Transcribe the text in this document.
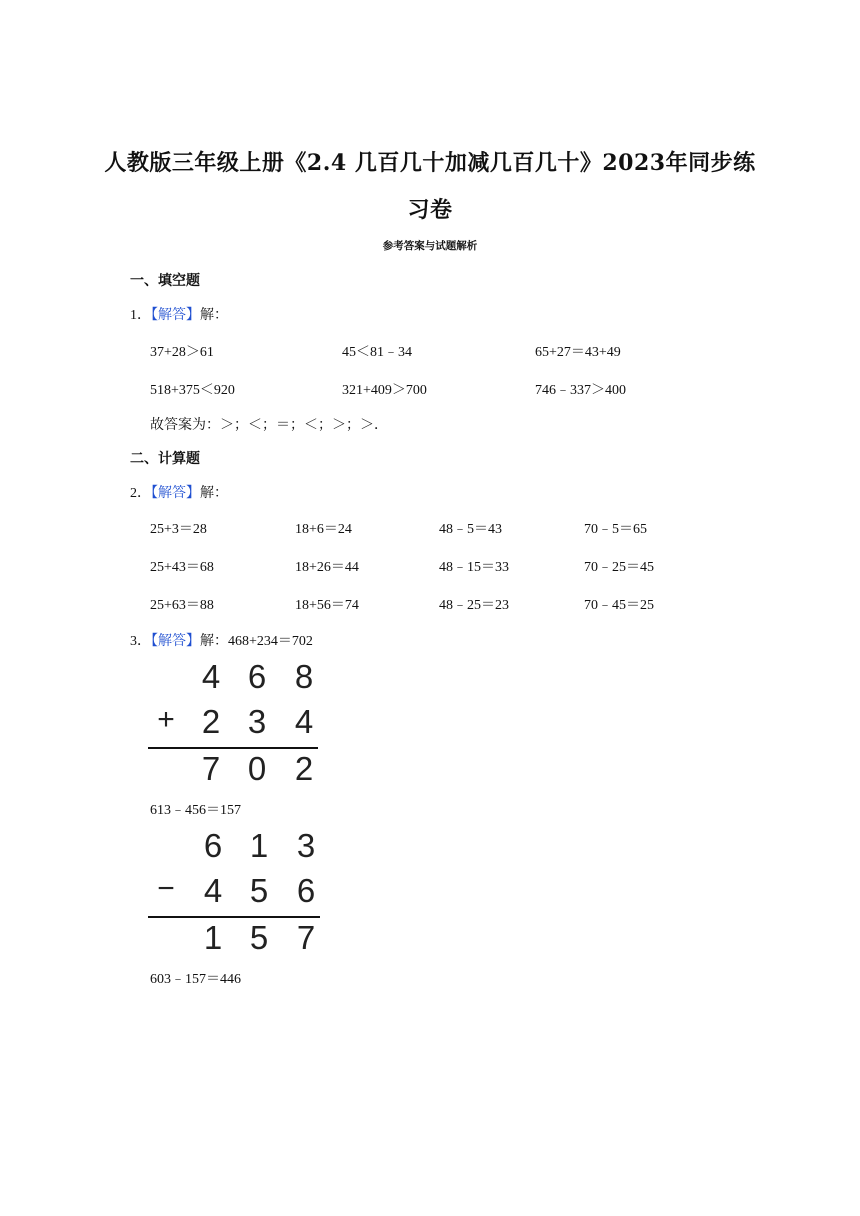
人教版三年级上册《2.4 几百几十加减几百几十》2023年同步练
习卷
参考答案与试题解析
一、填空题
1．【解答】解：
37+28＞61	45＜81﹣34	65+27＝43+49
518+375＜920	321+409＞700	746﹣337＞400
故答案为：＞；＜；＝；＜；＞；＞．
二、计算题
2．【解答】解：
25+3＝28	18+6＝24	48﹣5＝43	70﹣5＝65
25+43＝68	18+26＝44	48﹣15＝33	70﹣25＝45
25+63＝88	18+56＝74	48﹣25＝23	70﹣45＝25
3．【解答】解：468+234＝702
4 6 8
+ 2 3 4
7 0 2
613﹣456＝157
6 1 3
− 4 5 6
1 5 7
603﹣157＝446
